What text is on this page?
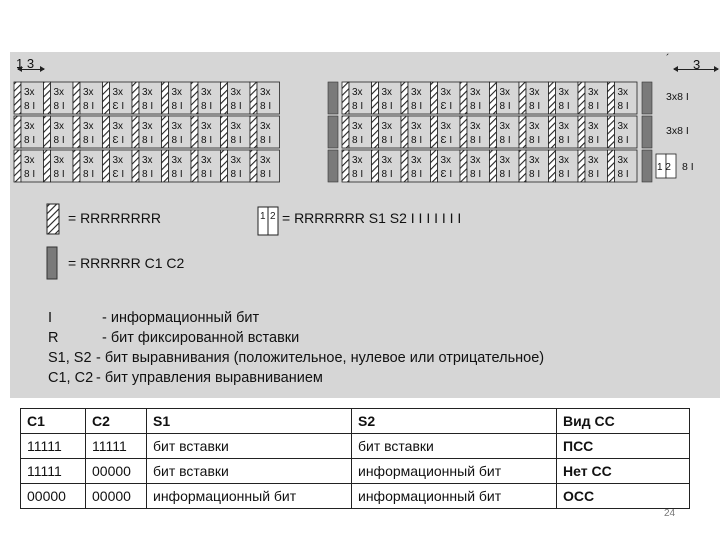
1 3	´ 3
3x
8 I
3x
8 I
3x
8 I
3x
Ɛ I
3x
8 I
3x
8 I
3x
8 I
3x
8 I
3x
8 I
3x
8 I
3x
8 I
3x
8 I
3x
Ɛ I
3x
8 I
3x
8 I
3x
8 I
3x
8 I
3x
8 I
3x
8 I
3x8 I
3x
8 I
3x
8 I
3x
8 I
3x
Ɛ I
3x
8 I
3x
8 I
3x
8 I
3x
8 I
3x
8 I
3x
8 I
3x
8 I
3x
8 I
3x
Ɛ I
3x
8 I
3x
8 I
3x
8 I
3x
8 I
3x
8 I
3x
8 I
3x8 I
3x
8 I
3x
8 I
3x
8 I
3x
Ɛ I
3x
8 I
3x
8 I
3x
8 I
3x
8 I
3x
8 I
3x
8 I
3x
8 I
3x
8 I
3x
Ɛ I
3x
8 I
3x
8 I
3x
8 I
3x
8 I
3x
8 I
3x
8 I
1 2 8 I
1 2
= RRRRRRRR	= RRRRRRR S1 S2 I I I I I I I
= RRRRRR C1 C2
I	- информационный бит
R	- бит фиксированной вставки
S1, S2 - бит выравнивания (положительное, нулевое или отрицательное)
C1, C2 - бит управления выравниванием
C1	C2	S1	S2	Вид СС
11111	11111	бит вставки	бит вставки	ПСС
11111	00000	бит вставки	информационный бит	Нет СС
00000	00000	информационный бит	информационный бит	ОСС
24
